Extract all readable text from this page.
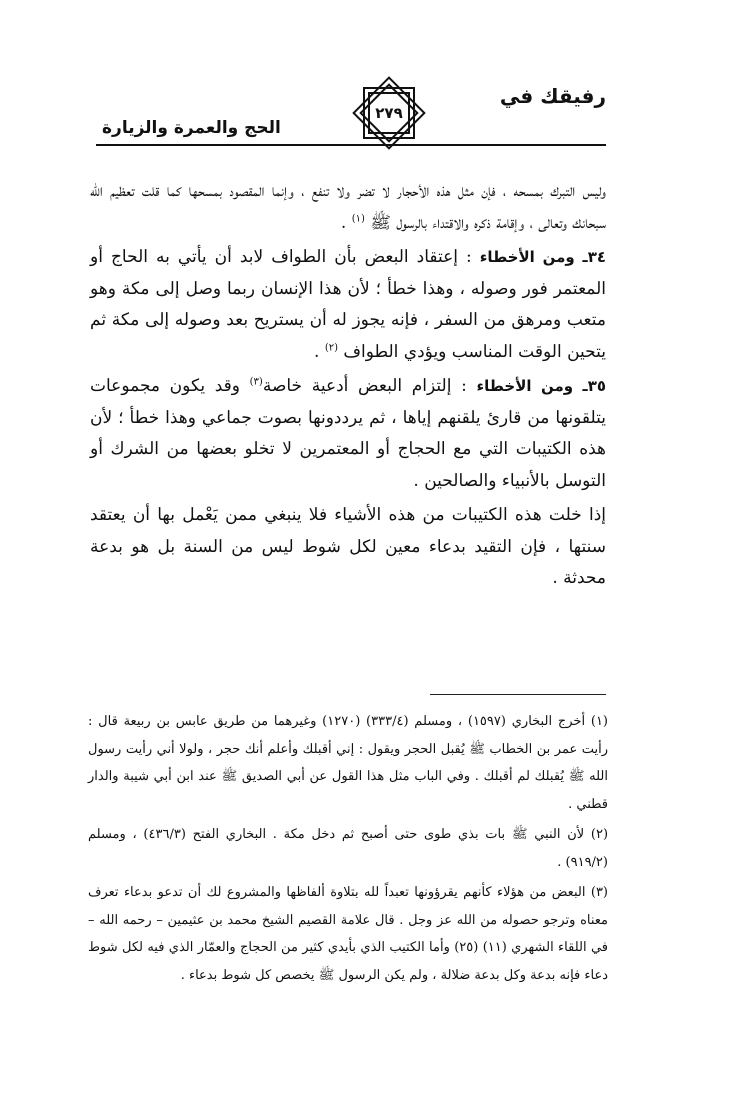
رفيقك في
الحج والعمرة والزيارة
٢٧٩

وليس التبرك بمسحه ، فإن مثل هذه الأحجار لا تضر ولا تنفع ، وإنما المقصود بمسحها كما قلت تعظيم الله سبحانك وتعالى ، وإقامة ذكره والاقتداء بالرسول ﷺ $^{(١)}$ .

٣٤ـ ومن الأخطاء : إعتقاد البعض بأن الطواف لابد أن يأتي به الحاج أو المعتمر فور وصوله ، وهذا خطأ ؛ لأن هذا الإنسان ربما وصل إلى مكة وهو متعب ومرهق من السفر ، فإنه يجوز له أن يستريح بعد وصوله إلى مكة ثم يتحين الوقت المناسب ويؤدي الطواف $^{(٢)}$ .

٣٥ـ ومن الأخطاء : إلتزام البعض أدعية خاصة$^{(٣)}$ وقد يكون مجموعات يتلقونها من قارئ يلقنهم إياها ، ثم يرددونها بصوت جماعي وهذا خطأ ؛ لأن هذه الكتيبات التي مع الحجاج أو المعتمرين لا تخلو بعضها من الشرك أو التوسل بالأنبياء والصالحين .

إذا خلت هذه الكتيبات من هذه الأشياء فلا ينبغي ممن يَعْمل بها أن يعتقد سنتها ، فإن التقيد بدعاء معين لكل شوط ليس من السنة بل هو بدعة محدثة .

(١) أخرج البخاري (١٥٩٧) ، ومسلم (٣٣٣/٤) (١٢٧٠) وغيرهما من طريق عابس بن ربيعة قال : رأيت عمر بن الخطاب ﷺ يُقبل الحجر ويقول : إني أقبلك وأعلم أنك حجر ، ولولا أني رأيت رسول الله ﷺ يُقبلك لم أقبلك . وفي الباب مثل هذا القول عن أبي الصديق ﷺ عند ابن أبي شيبة والدار قطني .

(٢) لأن النبي ﷺ بات بذي طوى حتى أصبح ثم دخل مكة . البخاري الفتح (٤٣٦/٣) ، ومسلم (٩١٩/٢) .

(٣) البعض من هؤلاء كأنهم يقرؤونها تعبداً لله بتلاوة ألفاظها والمشروع لك أن تدعو بدعاء تعرف معناه وترجو حصوله من الله عز وجل . قال علامة القصيم الشيخ محمد بن عثيمين – رحمه الله – في اللقاء الشهري (١١) (٢٥) وأما الكتيب الذي بأيدي كثير من الحجاج والعمّار الذي فيه لكل شوط دعاء فإنه بدعة وكل بدعة ضلالة ، ولم يكن الرسول ﷺ يخصص كل شوط بدعاء .
